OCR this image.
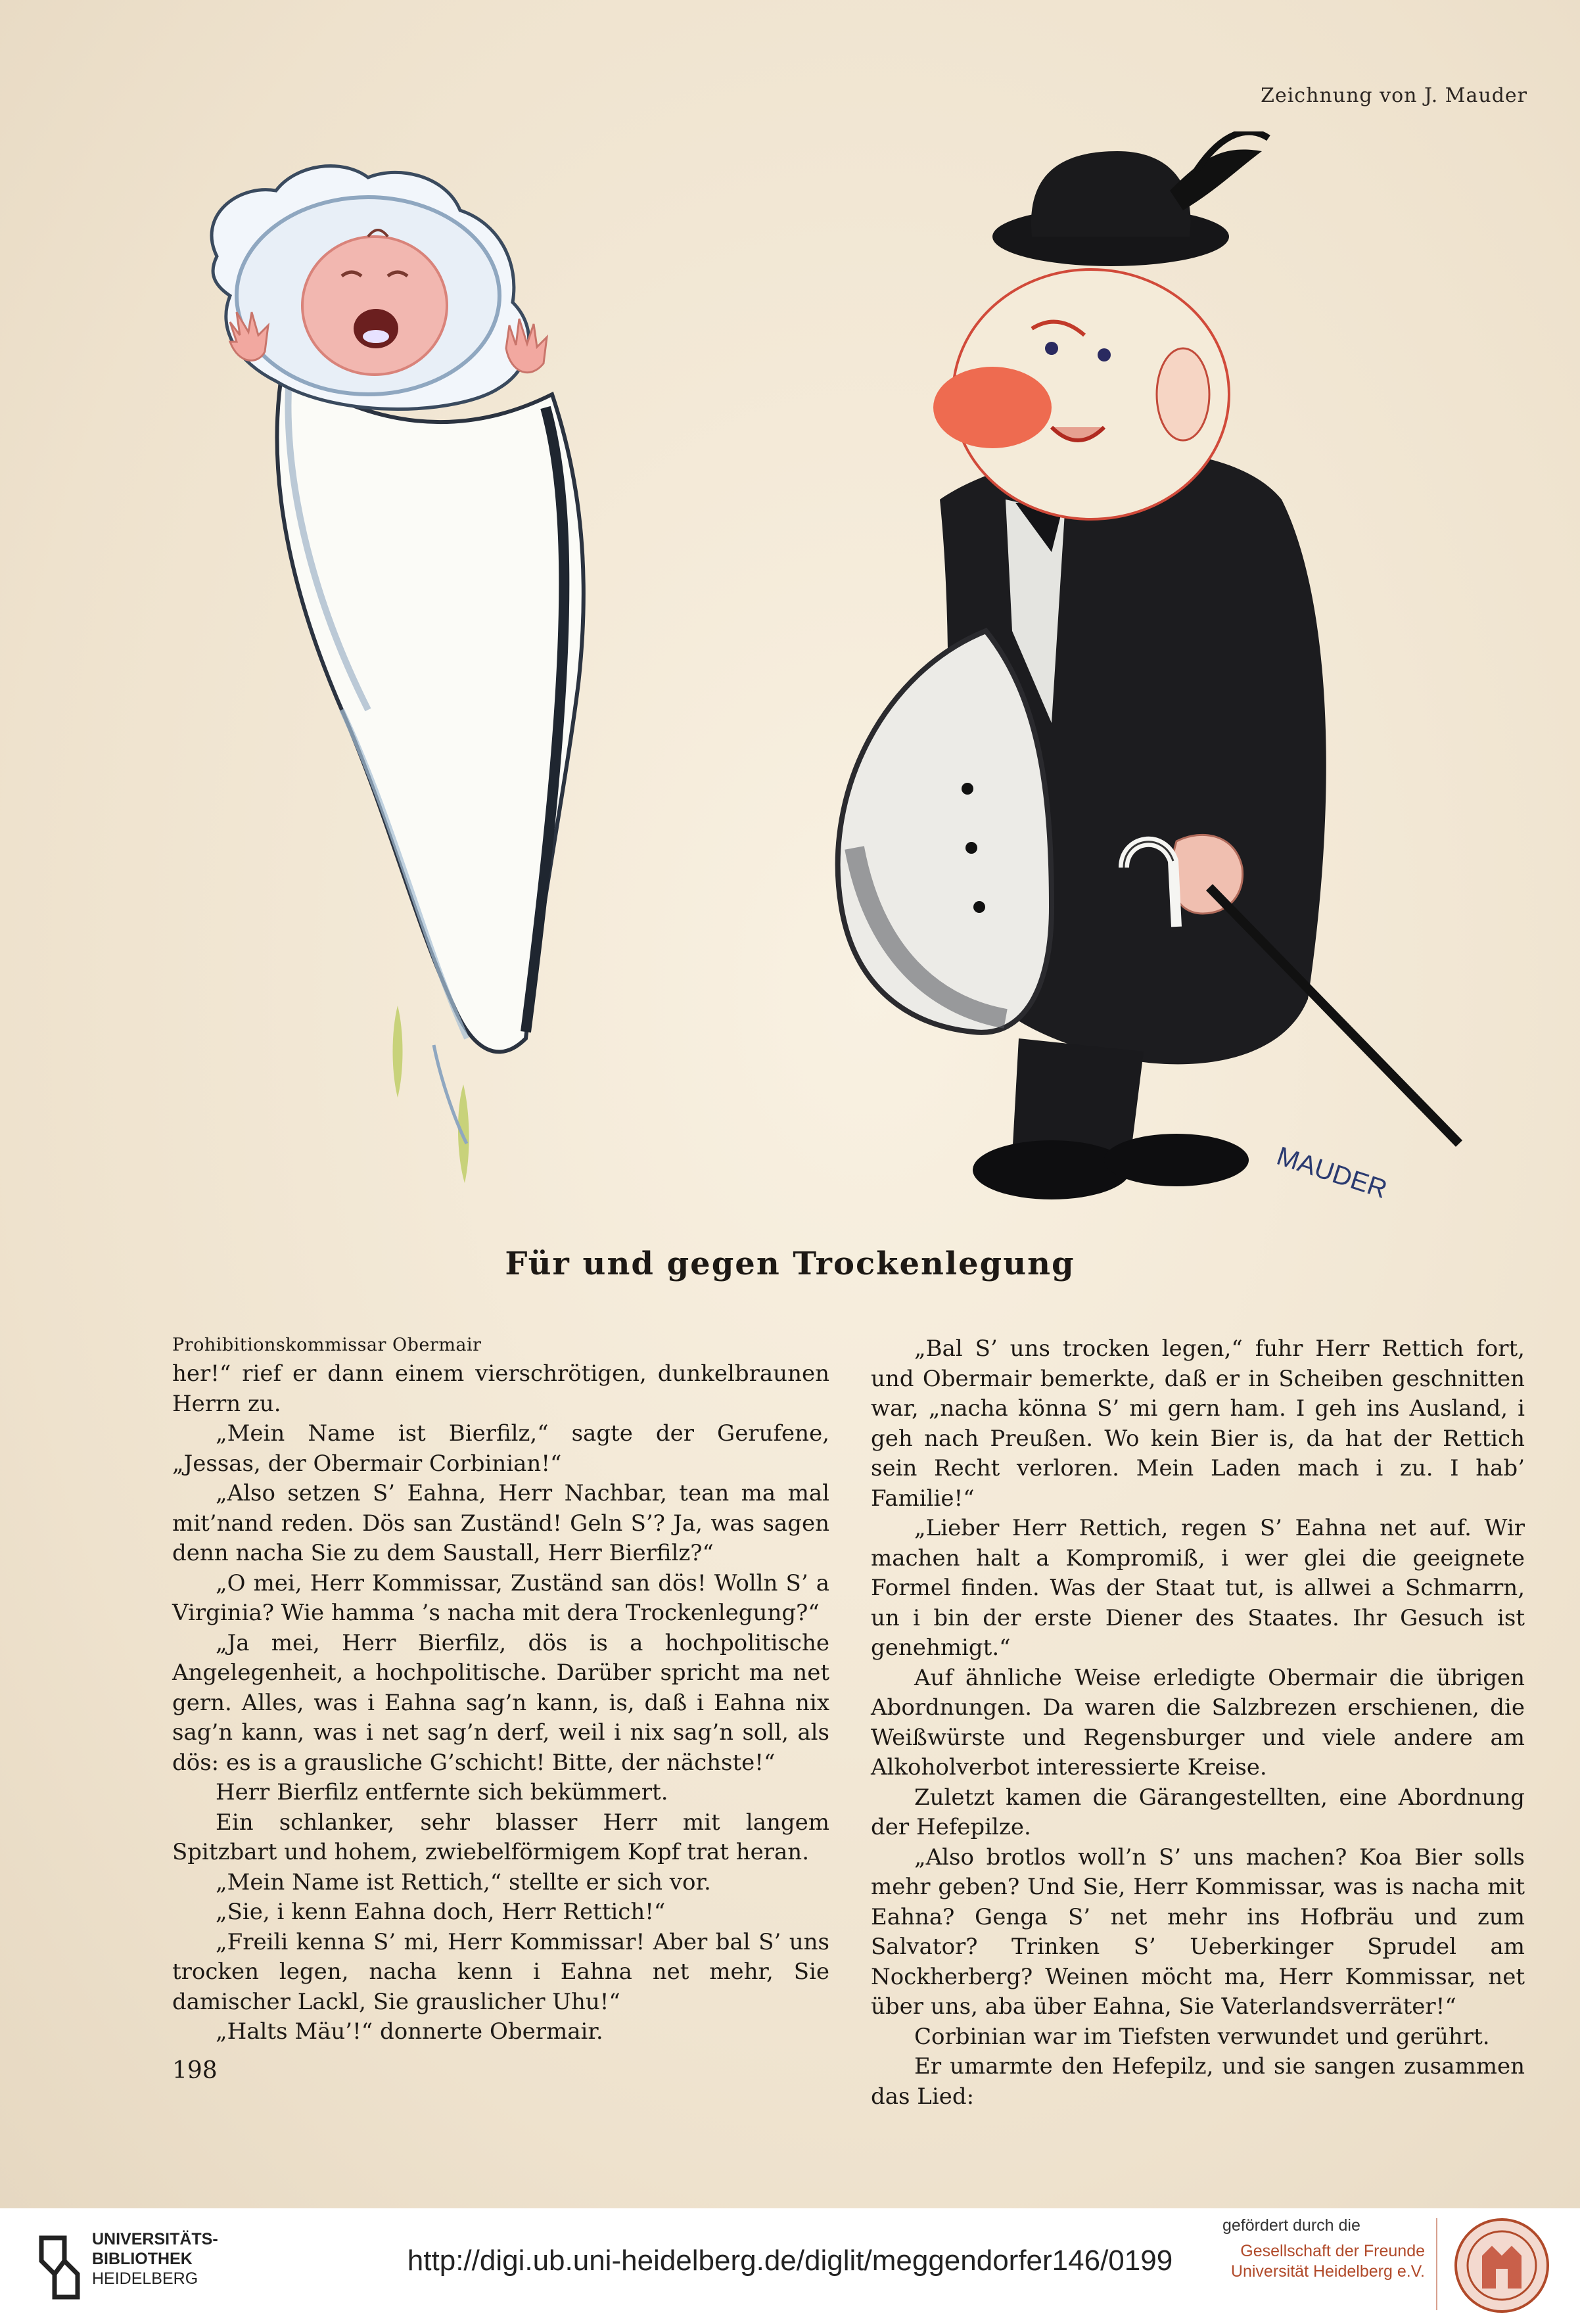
Zeichnung von J. Mauder
MAUDER
Für und gegen Trockenlegung

Prohibitionskommissar Obermair

her!“ rief er dann einem vierschrötigen, dunkelbraunen Herrn zu.

„Mein Name ist Bierfilz,“ sagte der Gerufene, „Jessas, der Obermair Corbinian!“

„Also setzen S’ Eahna, Herr Nachbar, tean ma mal mit’nand reden. Dös san Zuständ! Geln S’? Ja, was sagen denn nacha Sie zu dem Saustall, Herr Bierfilz?“

„O mei, Herr Kommissar, Zuständ san dös! Wolln S’ a Virginia? Wie hamma ’s nacha mit dera Trockenlegung?“

„Ja mei, Herr Bierfilz, dös is a hochpolitische Angelegenheit, a hochpolitische. Darüber spricht ma net gern. Alles, was i Eahna sag’n kann, is, daß i Eahna nix sag’n kann, was i net sag’n derf, weil i nix sag’n soll, als dös: es is a grausliche G’schicht! Bitte, der nächste!“

Herr Bierfilz entfernte sich bekümmert.

Ein schlanker, sehr blasser Herr mit langem Spitzbart und hohem, zwiebelförmigem Kopf trat heran.

„Mein Name ist Rettich,“ stellte er sich vor.

„Sie, i kenn Eahna doch, Herr Rettich!“

„Freili kenna S’ mi, Herr Kommissar! Aber bal S’ uns trocken legen, nacha kenn i Eahna net mehr, Sie damischer Lackl, Sie grauslicher Uhu!“

„Halts Mäu’!“ donnerte Obermair.

„Bal S’ uns trocken legen,“ fuhr Herr Rettich fort, und Obermair bemerkte, daß er in Scheiben geschnitten war, „nacha könna S’ mi gern ham. I geh ins Ausland, i geh nach Preußen. Wo kein Bier is, da hat der Rettich sein Recht verloren. Mein Laden mach i zu. I hab’ Familie!“

„Lieber Herr Rettich, regen S’ Eahna net auf. Wir machen halt a Kompromiß, i wer glei die geeignete Formel finden. Was der Staat tut, is allwei a Schmarrn, un i bin der erste Diener des Staates. Ihr Gesuch ist genehmigt.“

Auf ähnliche Weise erledigte Obermair die übrigen Abordnungen. Da waren die Salzbrezen erschienen, die Weißwürste und Regensburger und viele andere am Alkoholverbot interessierte Kreise.

Zuletzt kamen die Gärangestellten, eine Abordnung der Hefepilze.

„Also brotlos woll’n S’ uns machen? Koa Bier solls mehr geben? Und Sie, Herr Kommissar, was is nacha mit Eahna? Genga S’ net mehr ins Hofbräu und zum Salvator? Trinken S’ Ueberkinger Sprudel am Nockherberg? Weinen möcht ma, Herr Kommissar, net über uns, aba über Eahna, Sie Vaterlandsverräter!“

Corbinian war im Tiefsten verwundet und gerührt.

Er umarmte den Hefepilz, und sie sangen zusammen das Lied:

198
UNIVERSITÄTS-
BIBLIOTHEK
HEIDELBERG
http://digi.ub.uni-heidelberg.de/diglit/meggendorfer146/0199
gefördert durch die
Gesellschaft der Freunde
Universität Heidelberg e.V.
